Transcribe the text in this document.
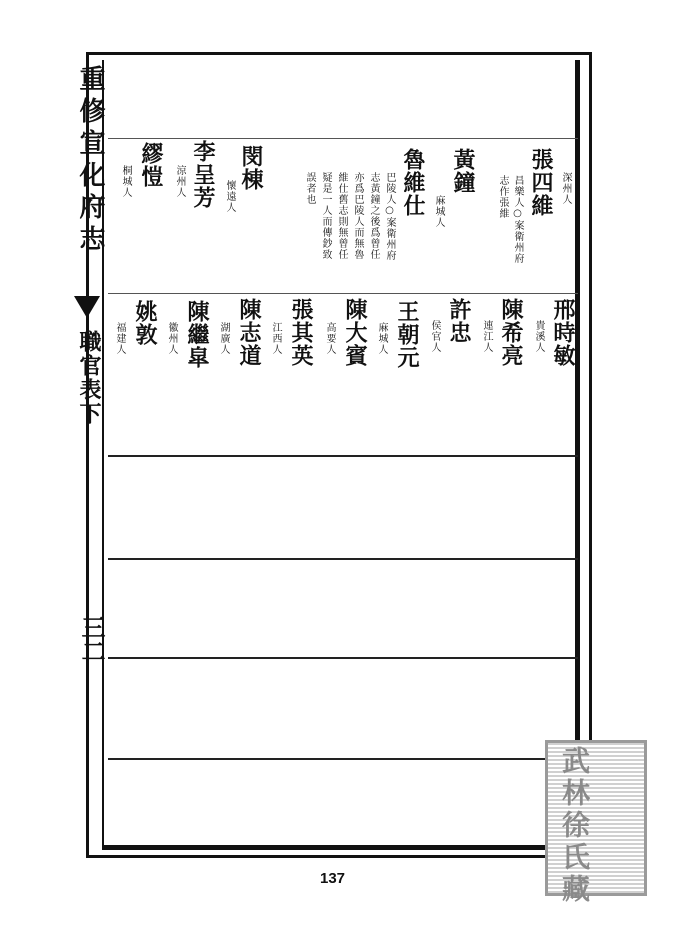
重修宣化府志
職官表下
三二
深州人
張四維
昌樂人○案衛州府
志作張維
黃鐘
麻城人
魯維仕
巴陵人○案衛州府
志黃鐘之後爲曾任
亦爲巴陵人而無魯
維仕舊志則無曾任
疑是一人而傳鈔致
誤者也
閔棟
懷遠人
李呈芳
涼州人
繆愷
桐城人
邢時敏
貴溪人
陳希亮
連江人
許忠
侯官人
王朝元
麻城人
陳大賓
高要人
張其英
江西人
陳志道
湖廣人
陳繼皐
徽州人
姚敦
福建人
137	武林徐氏藏
